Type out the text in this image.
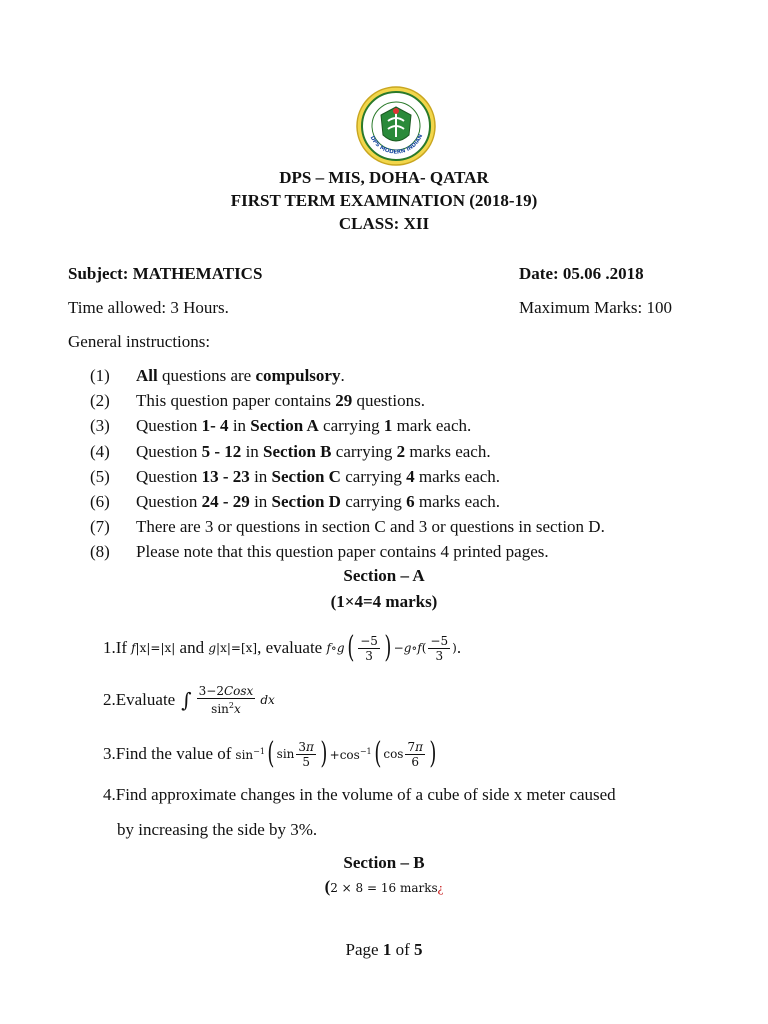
DPS MODERN INDIAN
DPS – MIS, DOHA- QATAR
FIRST TERM EXAMINATION (2018-19)
CLASS: XII
Subject: MATHEMATICS	Date: 05.06 .2018
Time allowed: 3 Hours.	Maximum Marks: 100
General instructions:
(1) All questions are compulsory.
(2) This question paper contains 29 questions.
(3) Question 1- 4 in Section A carrying 1 mark each.
(4) Question 5 - 12 in Section B carrying 2 marks each.
(5) Question 13 - 23 in Section C carrying 4 marks each.
(6) Question 24 - 29 in Section D carrying 6 marks each.
(7) There are 3 or questions in section C and 3 or questions in section D.
(8) Please note that this question paper contains 4 printed pages.
Section – A
(1×4=4 marks)
1.If f |x|=|x| and g |x|=[x] , evaluate f ∘ g ( $\frac{-5}{3}$ ) − g ∘ f ( $\frac{-5}{3}$ ) .
2.Evaluate ∫ $\frac{\text{3−2Cosx}}{\sin^2x}$ dx
3.Find the value of $\sin^{-1}$ ( $\sin \frac{3\pi}{5}$ ) $+\cos^{-1}$ ( $\cos \frac{7\pi}{6}$ )
4.Find approximate changes in the volume of a cube of side x meter caused
by increasing the side by 3%.
Section – B
(2 × 8 = 16 marks¿
Page 1 of 5
